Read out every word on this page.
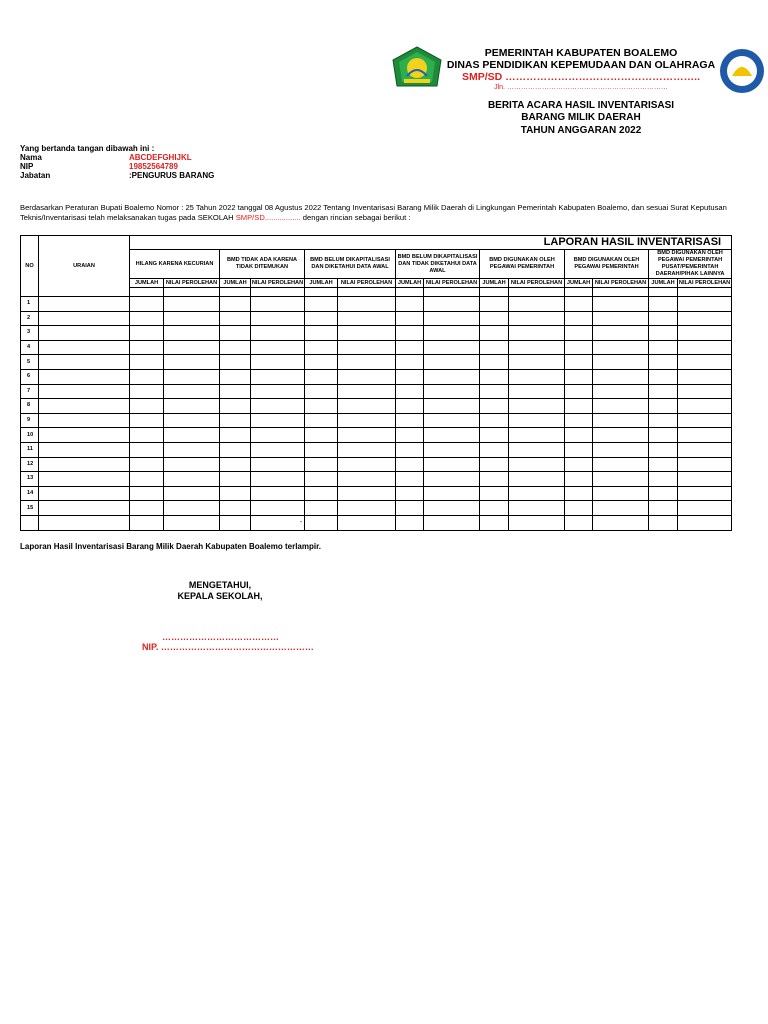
PEMERINTAH KABUPATEN BOALEMO
DINAS PENDIDIKAN KEPEMUDAAN DAN OLAHRAGA
SMP/SD ………………………………………………..
Jln. ……………………………………………………………
BERITA ACARA HASIL INVENTARISASI
BARANG MILIK DAERAH
TAHUN ANGGARAN 2022
Yang bertanda tangan dibawah ini :
Nama	ABCDEFGHIJKL
NIP	19852564789
Jabatan	:PENGURUS BARANG
Berdasarkan Peraturan Bupati Boalemo Nomor : 25 Tahun 2022 tanggal 08 Agustus 2022 Tentang Inventarisasi Barang Milik Daerah di Lingkungan Pemerintah Kabupaten Boalemo, dan sesuai Surat Keputusan Teknis/Inventarisasi telah melaksanakan tugas pada SEKOLAH SMP/SD................. dengan rincian sebagai berikut :
NO	URAIAN	LAPORAN HASIL INVENTARISASI													
		HILANG KARENA KECURIAN		BMD TIDAK ADA KARENA TIDAK DITEMUKAN		BMD BELUM DIKAPITALISASI DAN DIKETAHUI DATA AWAL		BMD BELUM DIKAPITALISASI DAN TIDAK DIKETAHUI DATA AWAL		BMD DIGUNAKAN OLEH PEGAWAI PEMERINTAH		BMD DIGUNAKAN OLEH PEGAWAI PEMERINTAH		BMD DIGUNAKAN OLEH PEGAWAI PEMERINTAH PUSAT/PEMERINTAH DAERAH/PIHAK LAINNYA	
		JUMLAH	NILAI PEROLEHAN	JUMLAH	NILAI PEROLEHAN	JUMLAH	NILAI PEROLEHAN	JUMLAH	NILAI PEROLEHAN	JUMLAH	NILAI PEROLEHAN	JUMLAH	NILAI PEROLEHAN	JUMLAH	NILAI PEROLEHAN

1															
2															
3															
4															
5															
6															
7															
8															
9															
10															
11															
12															
13															
14															
15															
					-										
Laporan Hasil Inventarisasi Barang Milik Daerah Kabupaten Boalemo terlampir.
MENGETAHUI,
KEPALA SEKOLAH,
…………………………………
NIP. ……………………………………………
